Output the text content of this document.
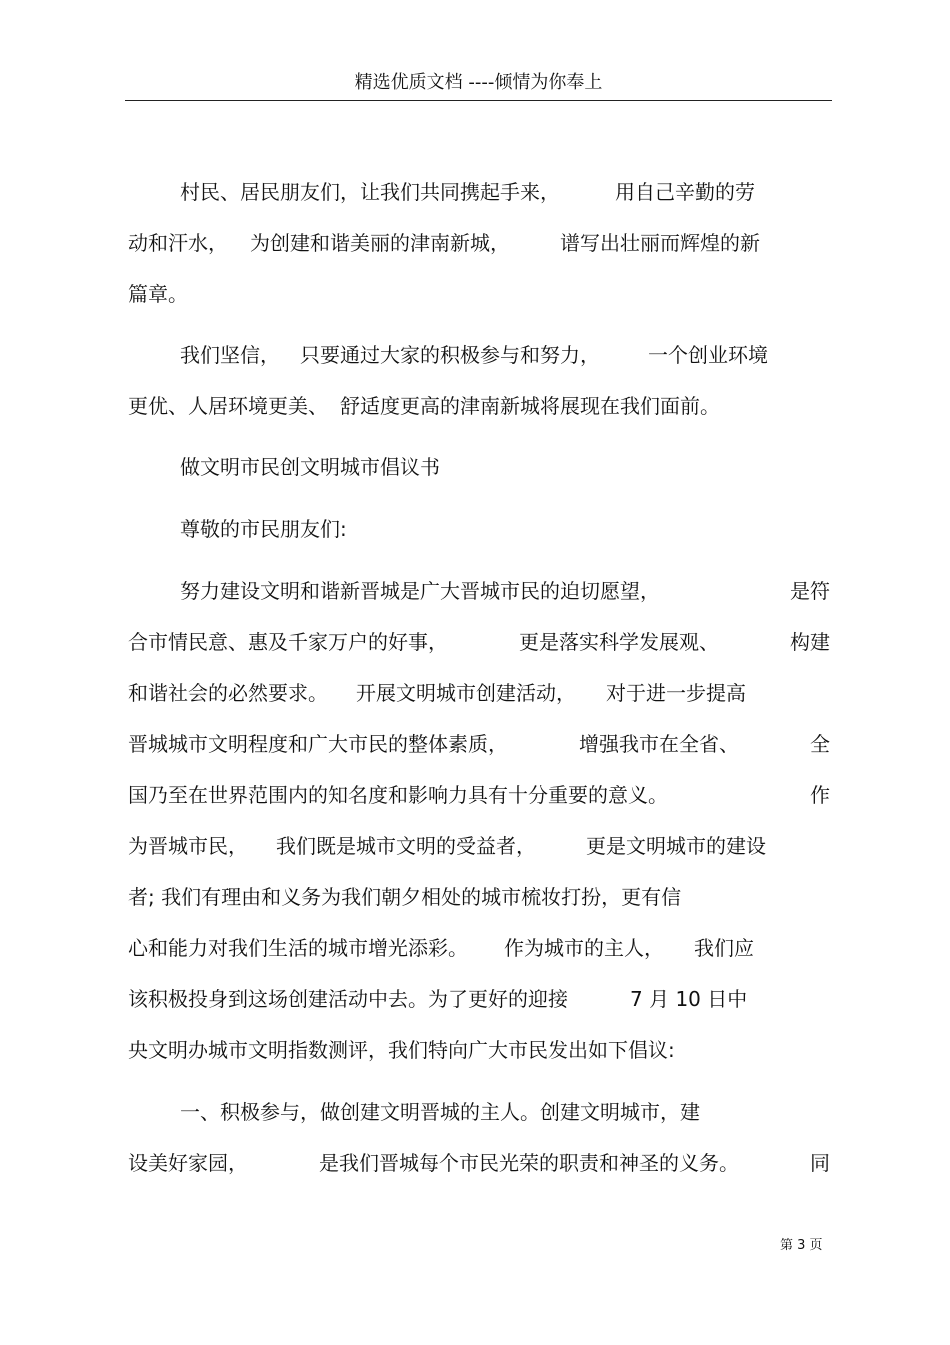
精选优质文档 ----倾情为你奉上
村民、居民朋友们，让我们共同携起手来，	用自己辛勤的劳
动和汗水， 为创建和谐美丽的津南新城，	谱写出壮丽而辉煌的新
篇章。
我们坚信， 只要通过大家的积极参与和努力， 一个创业环境
更优、人居环境更美、 舒适度更高的津南新城将展现在我们面前。
做文明市民创文明城市倡议书
尊敬的市民朋友们:
努力建设文明和谐新晋城是广大晋城市民的迫切愿望，	是符
合市情民意、惠及千家万户的好事，	更是落实科学发展观、	构建
和谐社会的必然要求。 开展文明城市创建活动， 对于进一步提高
晋城城市文明程度和广大市民的整体素质，	增强我市在全省、	全
国乃至在世界范围内的知名度和影响力具有十分重要的意义。	作
为晋城市民， 我们既是城市文明的受益者，	更是文明城市的建设
者; 我们有理由和义务为我们朝夕相处的城市梳妆打扮，更有信
心和能力对我们生活的城市增光添彩。 作为城市的主人， 我们应
该积极投身到这场创建活动中去。为了更好的迎接	7 月 10 日中
央文明办城市文明指数测评，我们特向广大市民发出如下倡议:
一、积极参与，做创建文明晋城的主人。创建文明城市，建
设美好家园，	是我们晋城每个市民光荣的职责和神圣的义务。	同
第 3 页
